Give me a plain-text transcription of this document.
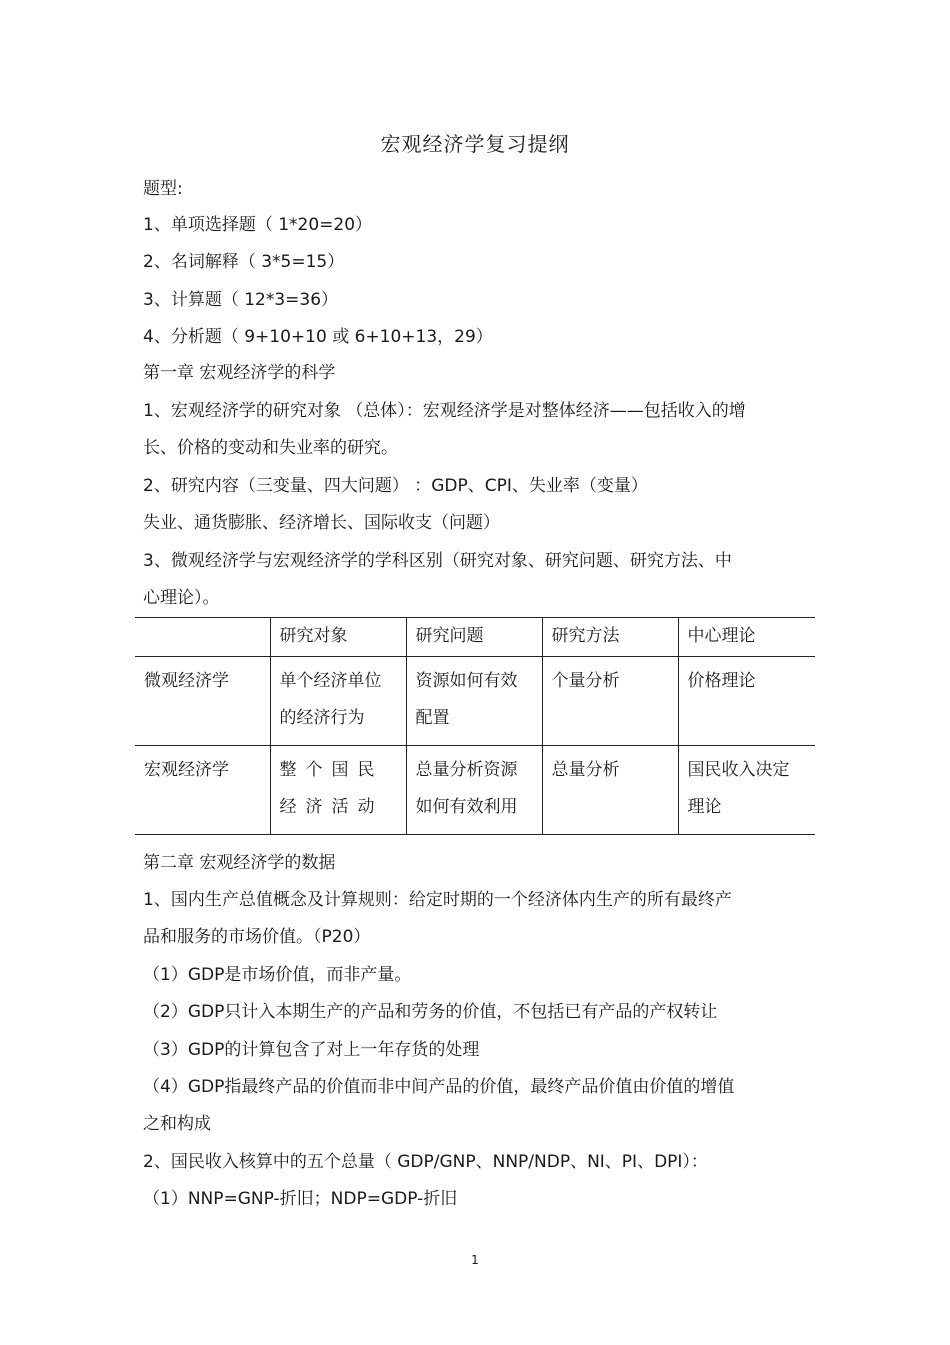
宏观经济学复习提纲
题型:
1、单项选择题（ 1*20=20）
2、名词解释（ 3*5=15）
3、计算题（ 12*3=36）
4、分析题（ 9+10+10 或 6+10+13，29）
第一章 宏观经济学的科学
1、宏观经济学的研究对象 （总体）：宏观经济学是对整体经济——包括收入的增
长、价格的变动和失业率的研究。
2、研究内容（三变量、四大问题） ：GDP、CPI、失业率（变量）
失业、通货膨胀、经济增长、国际收支（问题）
3、微观经济学与宏观经济学的学科区别（研究对象、研究问题、研究方法、中
心理论）。
	研究对象	研究问题	研究方法	中心理论
微观经济学	单个经济单位的经济行为	资源如何有效配置	个量分析	价格理论
宏观经济学	整个国民经济活动	总量分析资源如何有效利用	总量分析	国民收入决定理论
第二章 宏观经济学的数据
1、国内生产总值概念及计算规则：给定时期的一个经济体内生产的所有最终产
品和服务的市场价值。（P20）
（1）GDP是市场价值，而非产量。
（2）GDP只计入本期生产的产品和劳务的价值，不包括已有产品的产权转让
（3）GDP的计算包含了对上一年存货的处理
（4）GDP指最终产品的价值而非中间产品的价值，最终产品价值由价值的增值
之和构成
2、国民收入核算中的五个总量（ GDP/GNP、NNP/NDP、NI、PI、DPI）：
（1）NNP=GNP-折旧；NDP=GDP-折旧
1
